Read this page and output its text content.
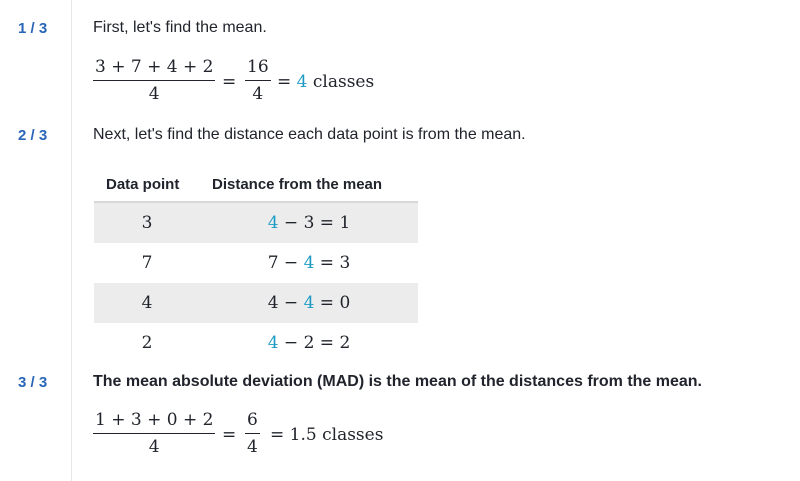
1 / 3	First, let's find the mean.
3 + 7 + 4 + 2
4
=
16
4
= 4 classes
2 / 3	Next, let's find the distance each data point is from the mean.
Data point	Distance from the mean
3	4 − 3 = 1
7	7 − 4 = 3
4	4 − 4 = 0
2	4 − 2 = 2
3 / 3	The mean absolute deviation (MAD) is the mean of the distances from the mean.
1 + 3 + 0 + 2
4
=
6
4
= 1.5 classes
